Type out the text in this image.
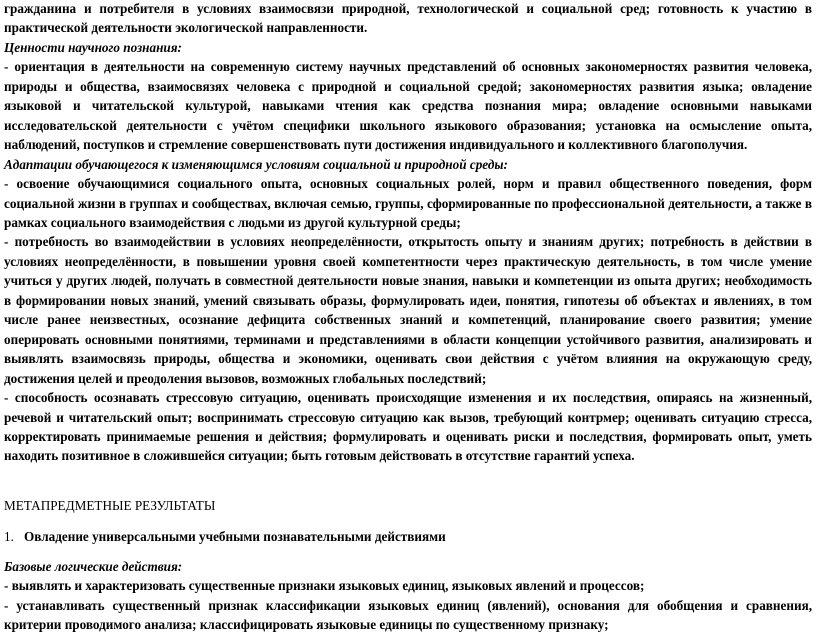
гражданина и потребителя в условиях взаимосвязи природной, технологической и социальной сред; готовность к участию в практической деятельности экологической направленности.

Ценности научного познания:

- ориентация в деятельности на современную систему научных представлений об основных закономерностях развития человека, природы и общества, взаимосвязях человека с природной и социальной средой; закономерностях развития языка; овладение языковой и читательской культурой, навыками чтения как средства познания мира; овладение основными навыками исследовательской деятельности с учётом специфики школьного языкового образования; установка на осмысление опыта, наблюдений, поступков и стремление совершенствовать пути достижения индивидуального и коллективного благополучия.

Адаптации обучающегося к изменяющимся условиям социальной и природной среды:

- освоение обучающимися социального опыта, основных социальных ролей, норм и правил общественного поведения, форм социальной жизни в группах и сообществах, включая семью, группы, сформированные по профессиональной деятельности, а также в рамках социального взаимодействия с людьми из другой культурной среды;

- потребность во взаимодействии в условиях неопределённости, открытость опыту и знаниям других; потребность в действии в условиях неопределённости, в повышении уровня своей компетентности через практическую деятельность, в том числе умение учиться у других людей, получать в совместной деятельности новые знания, навыки и компетенции из опыта других; необходимость в формировании новых знаний, умений связывать образы, формулировать идеи, понятия, гипотезы об объектах и явлениях, в том числе ранее неизвестных, осознание дефицита собственных знаний и компетенций, планирование своего развития; умение оперировать основными понятиями, терминами и представлениями в области концепции устойчивого развития, анализировать и выявлять взаимосвязь природы, общества и экономики, оценивать свои действия с учётом влияния на окружающую среду, достижения целей и преодоления вызовов, возможных глобальных последствий;

- способность осознавать стрессовую ситуацию, оценивать происходящие изменения и их последствия, опираясь на жизненный, речевой и читательский опыт; воспринимать стрессовую ситуацию как вызов, требующий контрмер; оценивать ситуацию стресса, корректировать принимаемые решения и действия; формулировать и оценивать риски и последствия, формировать опыт, уметь находить позитивное в сложившейся ситуации; быть готовым действовать в отсутствие гарантий успеха.

МЕТАПРЕДМЕТНЫЕ РЕЗУЛЬТАТЫ

1. Овладение универсальными учебными познавательными действиями

Базовые логические действия:

- выявлять и характеризовать существенные признаки языковых единиц, языковых явлений и процессов;

- устанавливать существенный признак классификации языковых единиц (явлений), основания для обобщения и сравнения, критерии проводимого анализа; классифицировать языковые единицы по существенному признаку;
